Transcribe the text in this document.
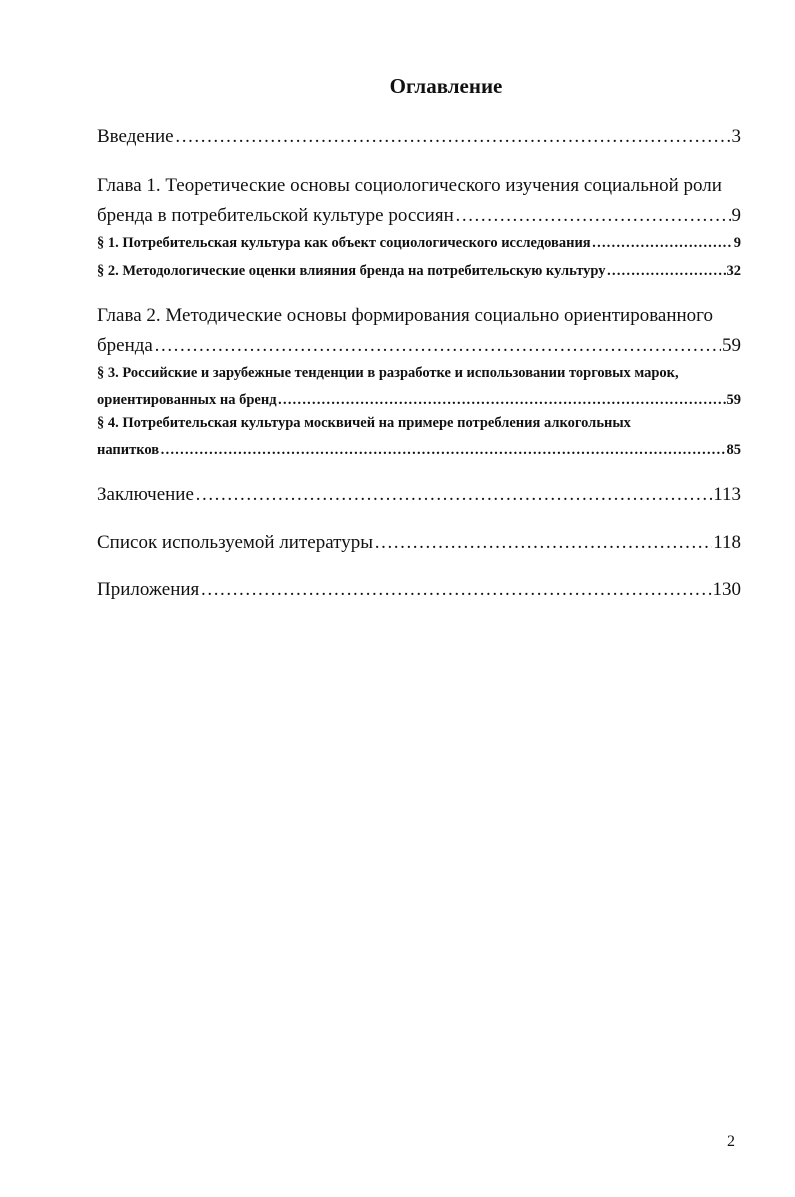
Оглавление
Введение ……………………………………………………………………………………………………………………………………………………………………………………	3
Глава 1. Теоретические основы социологического изучения социальной роли
бренда в потребительской культуре россиян ……………………………………………………………………………………………………………………………………………………………………………………	9
§ 1. Потребительская культура как объект социологического исследования ……………………………………………………………………………………………………………………………………………………………………………………	9
§ 2. Методологические оценки влияния бренда на потребительскую культуру ……………………………………………………………………………………………………………………………………………………………………………………	32
Глава 2. Методические основы формирования социально ориентированного
бренда ……………………………………………………………………………………………………………………………………………………………………………………	59
§ 3. Российские и зарубежные тенденции в разработке и использовании торговых марок,
ориентированных на бренд ……………………………………………………………………………………………………………………………………………………………………………………	59
§ 4. Потребительская культура москвичей на примере потребления алкогольных
напитков ……………………………………………………………………………………………………………………………………………………………………………………	85
Заключение ……………………………………………………………………………………………………………………………………………………………………………………	113
Список используемой литературы ……………………………………………………………………………………………………………………………………………………………………………………	118
Приложения ……………………………………………………………………………………………………………………………………………………………………………………	130
2
